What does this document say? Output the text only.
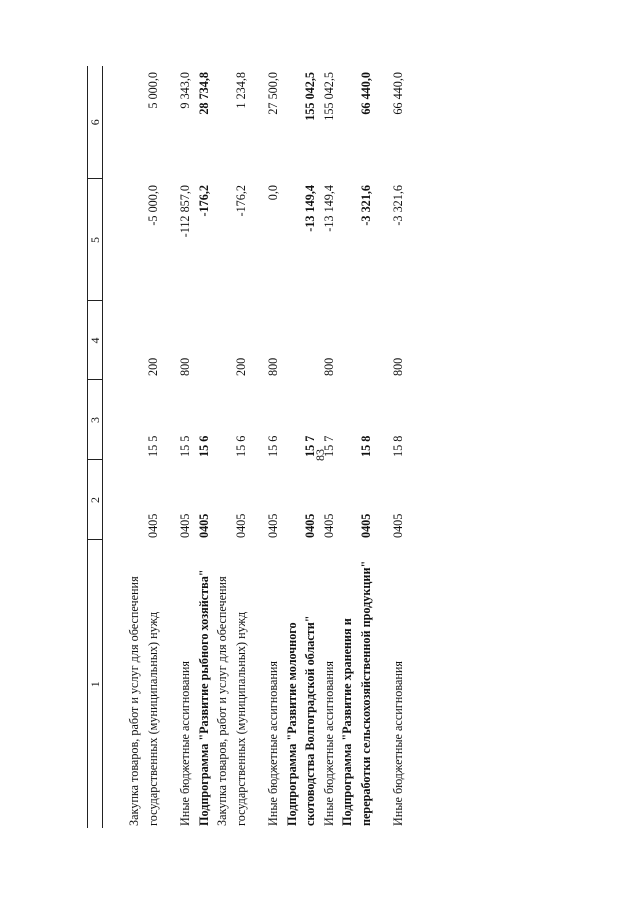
83
1	2	3	4	5	6
Закупка товаров, работ и услуг для обеспечения государственных (муниципальных) нужд	0405	15 5	200	-5 000,0	5 000,0
Иные бюджетные ассигнования	0405	15 5	800	-112 857,0	9 343,0
Подпрограмма "Развитие рыбного хозяйства"	0405	15 6		-176,2	28 734,8
Закупка товаров, работ и услуг для обеспечения государственных (муниципальных) нужд	0405	15 6	200	-176,2	1 234,8
Иные бюджетные ассигнования	0405	15 6	800	0,0	27 500,0
Подпрограмма "Развитие молочного скотоводства Волгоградской области"	0405	15 7		-13 149,4	155 042,5
Иные бюджетные ассигнования	0405	15 7	800	-13 149,4	155 042,5
Подпрограмма "Развитие хранения и переработки сельскохозяйственной продукции"	0405	15 8		-3 321,6	66 440,0
Иные бюджетные ассигнования	0405	15 8	800	-3 321,6	66 440,0
